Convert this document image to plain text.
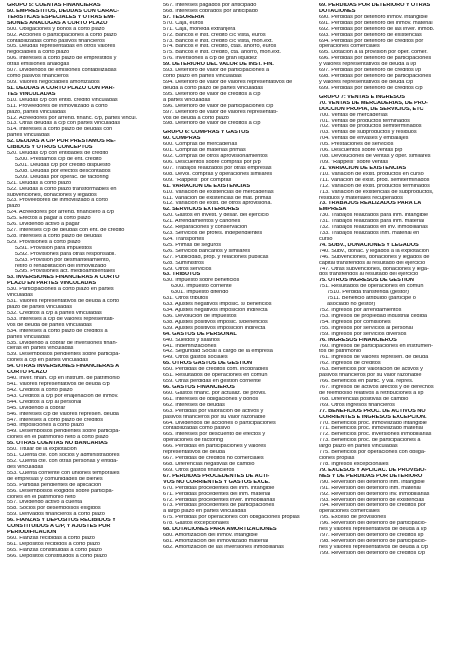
GRUPO 5: CUENTAS FINANCIERAS
50. EMPRÉSTITOS, DEUDAS CON CARAC-
TERÍSTICAS ESPECIALES Y OTRAS EMI-
SIONES ANÁLOGAS A CORTO PLAZO
500. Obligaciones y bonos a corto plazo
502. Acciones o participaciones a corto plazo
contabilizadas como pasivos financieros
505. Deudas representadas en otros valores
negociables a corto plazo
506. Intereses a corto plazo de empréstitos y
otras emisiones análogas
507. Dividendos de emisiones contabilizadas
como pasivos financieros
509. Valores negociables amortizados
51. DEUDAS A CORTO PLAZO CON PAR-
TES VINCULADAS
510. Deudas c/p con entid. crédito vinculadas
511. Proveedores de inmovilizado a corto
plazo, partes vinculadas
512. Acreedores por arrend. financ. c/p, partes vincul.
513. Otras deudas a c/p con partes vinculadas
514. Intereses a corto plazo de deudas con
partes vinculadas
52. DEUDAS A C/P POR PRÉSTAMOS RE-
CIBIDOS Y OTROS CONCEPTOS
520. Deudas c/p con entidades de crédito
5200. Préstamos c/p de ent. crédito
5201. Deudas c/p por crédito dispuesto
5208. Deudas por efectos descontados
5209. Deudas por operac. de factoring
521. Deudas a corto plazo
522. Deudas a corto plazo transformables en
subvenciones, donaciones y legados
523. Proveedores de inmovilizado a corto
plazo
524. Acreedores por arrend. financiero a c/p
525. Efectos a pagar a corto plazo
526. Dividendo activo a pagar
527. Intereses c/p de deudas con ent. de crédito
528. Intereses a corto plazo de deudas
529. Provisiones a corto plazo
5291. Provisión para impuestos
5292. Provisiones para otras responsabil.
5293. Provisión por desmantelamiento,
retiro o rehabilitación del inmovilizado
5295. Provisiones act. medioambientales
53. INVERSIONES FINANCIERAS A CORTO
PLAZO EN PARTES VINCULADAS
530. Participaciones a corto plazo en partes
vinculadas
531. Valores representativos de deuda a corto
plazo de partes vinculadas
532. Créditos a c/p a partes vinculadas
533. Intereses a c/p de valores representati-
vos de deuda de partes vinculadas
534. Intereses a corto plazo de créditos a
partes vinculadas
535. Dividendo a cobrar de inversiones finan-
cieras en partes vinculadas
539. Desembolsos pendientes sobre participa-
ciones a c/p en partes vinculadas
54. OTRAS INVERSIONES FINANCIERAS A
CORTO PLAZO
540. Inver. finan. c/p en instrum. de patrimonio
541. Valores representativos de deuda c/p
542. Créditos a corto plazo
543. Créditos a c/p por enajenación de inmov.
544. Créditos a c/p al personal
545. Dividendo a cobrar
546. Intereses c/p de valores represen. deuda
547. Intereses a corto plazo de créditos
548. Imposiciones a corto plazo
549. Desembolsos pendientes sobre participa-
ciones en el patrimonio neto a corto plazo
55. OTRAS CUENTAS NO BANCARIAS
550. Titular de la explotación
551. Cuenta cte. con socios y administradores
552. Cuenta cte. con otras personas y entida-
des vinculadas
553. Cuenta corriente con uniones temporales
de empresas y comunidades de bienes
555. Partidas pendientes de aplicación
556. Desembolsos exigidos sobre participa-
ciones en el patrimonio neto
557. Dividendo activo a cuenta
558. Socios por desembolsos exigidos
559. Derivados financieros a corto plazo
56. FIANZAS Y DEPÓSITOS RECIBIDOS Y
CONSTITUIDOS A C/P, Y AJUSTES POR
PERIODIFICACIÓN
560. Fianzas recibidas a corto plazo
561. Depósitos recibidos a corto plazo
565. Fianzas constituidas a corto plazo
566. Depósitos constituidos a corto plazo
567. Intereses pagados por anticipado
568. Intereses cobrados por anticipado
57. TESORERÍA
570. Caja, euros
571. Caja, moneda extranjera
572. Bancos e inst. crédito c/c vista, euros
573. Bancos e inst. crédito c/c vista, mon.ext.
574. Bancos e inst. crédito, ctas. ahorro, euros
575. Bancos e inst. crédito, cta. ahorro, mon.ext.
576. Inversiones a c/p de gran liquidez
59. DETERIORO DEL VALOR DE INST. FIN.
593. Deterioro de valor de participaciones a
corto plazo en partes vinculadas
594. Deterioro de valor de valores representativos de
deuda a corto plazo de partes vinculadas
595. Deterioro de valor de créditos a c/p
a partes vinculadas
596. Deterioro de valor de participaciones c/p
597. Deterioro de valor de valores representati-
vos de deuda a corto plazo
598. Deterioro de valor de créditos a c/p
GRUPO 6: COMPRAS Y GASTOS
60. COMPRAS
600. Compras de mercaderías
601. Compras de materias primas
602. Compras de otros aprovisionamientos
606. Descuentos sobre compras por p/p
607. Trabajos realizados por otras empresas
608. Devol. compras y operaciones similares
609. "Rappels" por compras
61. VARIACIÓN DE EXISTENCIAS
610. Variación de existencias de mercaderías
611. Variación de existencias de mat. primas
612. Variación de exist. de otros aprovisiona.
62. SERVICIOS EXTERIORES
620. Gastos en invest. y desar. del ejercicio
621. Arrendamientos y cánones
622. Reparaciones y conservación
623. Servicios de profes. independientes
624. Transportes
625. Primas de seguros
626. Servicios bancarios y similares
627. Publicidad, prop. y relaciones públicas
628. Suministros
629. Otros servicios
63. TRIBUTOS
630. Impuesto sobre beneficios
6300. Impuesto corriente
6301. Impuesto diferido
631. Otros tributos
633. Ajustes negativos imposic. s/ beneficios
634. Ajustes negativos imposición indirecta
636. Devolución de impuestos
638. Ajustes positivos imposic. s/beneficios
639. Ajustes positivos imposición indirecta
64. GASTOS DE PERSONAL
640. Sueldos y salarios
641. Indemnizaciones
642. Seguridad Social a cargo de la empresa
649. Otros gastos sociales
65. OTROS GASTOS DE GESTIÓN
650. Pérdidas de créditos com. incobrables
651. Resultados de operaciones en común
659. Otras pérdidas en gestión corriente
66. GASTOS FINANCIEROS
660. Gastos financ. por actualiz. de provis.
661. Intereses de obligaciones y bonos
662. Intereses de deudas
663. Pérdidas por valoración de activos y
pasivos financieros por su valor razonable
664. Dividendos de acciones o participaciones
contabilizadas como pasivo
665. Intereses por descuento de efectos y
operaciones de factoring
666. Pérdidas en participaciones y valores
representativos de deuda
667. Pérdidas de créditos no comerciales
668. Diferencias negativas de cambio
669. Otros gastos financieros
67. PÉRDIDAS PROCEDENTES DE ACTI-
VOS NO CORRIENTES Y GASTOS EXCE.
670. Pérdidas procedentes del inm. intangible
671. Pérdidas procedentes del inm. material
672. Pérdidas procedentes inver. inmobiliarias
673. Pérdidas procedentes de participaciones
a largo plazo en partes vinculadas
675. Pérdidas por operaciones con obligaciones propias
678. Gastos excepcionales
68. DOTACIONES PARA AMORTIZACIONES
680. Amortización del inmov. intangible
681. Amortización del inmovilizado material
682. Amortización de las inversiones inmobiliarias
69. PÉRDIDAS POR DETERIORO Y OTRAS
DOTACIONES
690. Pérdidas por deterioro inmov. intangible
691. Pérdidas por deterioro del inmov. material
692. Pérdidas por deterioro de las inver. inmob.
693. Pérdidas por deterioro de existencias
694. Pérdidas por deterioro de créditos por
operaciones comerciales
695. Dotación a la provisión por oper. comer.
696. Pérdidas por deterioro de participaciones
y valores representativos de deuda a l/p
697. Pérdidas por deterioro de créditos l/p
698. Pérdidas por deterioro de participaciones
y valores representativos de deuda c/p
699. Pérdidas por deterioro de créditos c/p
GRUPO 7: VENTAS E INGRESOS
70. VENTAS DE MERCADERÍAS, DE PRO-
DUCCIÓN PROPIA, DE SERVICIOS, ETC
700. Ventas de mercaderías
701. Ventas de productos terminados
702. Ventas de productos semiterminados
703. Ventas de subproductos y residuos
704. Ventas de envases y embalajes
705. Prestaciones de servicios
706. Descuentos sobre ventas p/p
708. Devoluciones de ventas y oper. similares
709. "Rappels" sobre ventas
71. VARIACIÓN DE EXISTENCIAS
710. Variación de exist. productos en curso
711. Variación de exist. prod. semiterminados
712. Variación de exist. productos terminados
713. Variación de existencias de subproductos,
residuos y materiales recuperados
73. TRABAJOS REALIZADOS PARA LA
EMPRESA
730. Trabajos realizados para inm. intangible
731. Trabajos realizados para inm. material
732. Trabajos realizados en inv. inmobiliarias
733. Trabajos realizados inm. material en
curso
74. SUBV., DONACIONES Y LEGADOS
740. Subv., donac. y legados a la explotación
746. Subvenciones, donaciones y legados de
capital transferidos al resultado del ejercicio
747. Otras subvenciones, donaciones y lega-
dos transferidos al resultado del ejercicio
75. OTROS INGRESOS DE GESTIÓN
751. Resultados de operaciones en común
7510. Pérdida transferida (gestor)
7511. Beneficio atribuido (partícipe o
asociado no gestor)
752. Ingresos por arrendamientos
753. Ingresos de propiedad industrial cedida
754. Ingresos por comisiones
755. Ingresos por servicios al personal
759. Ingresos por servicios diversos
76. INGRESOS FINANCIEROS
760. Ingresos de participaciones en instrumen-
tos de patrimonio
761. Ingresos de valores represen. de deuda
762. Ingresos de créditos
763. Beneficios por valoración de activos y
pasivos financieros por su valor razonable
766. Beneficios en partic. y val. repres.
767. Ingresos de activos afectos y de derechos
de reembolso relativos a retribuciones a l/p
768. Diferencias positivas de cambio
769. Otros ingresos financieros
77. BENEFICIOS PROC. DE ACTIVOS NO
CORRIENTES E INGRESOS EXCEPCION.
770. Beneficios proc. inmovilizado intangible
771. Beneficios proc. inmovilizado material
772. Beneficios proc. inversiones inmobiliarias
773. Beneficios proc. de participaciones a
largo plazo en partes vinculadas
775. Beneficios por operaciones con obliga-
ciones propias
778. Ingresos excepcionales
79. EXCESOS Y APLICAC. DE PROVISIO-
NES Y DE PÉRDIDAS POR DETERIORO
790. Reversión del deterioro inm. intangible
791. Reversión del deterioro inm. material
792. Reversión del deterioro inv. inmobiliarias
793. Reversión del deterioro de existencias
794. Reversión del deterioro de créditos por
operaciones comerciales
795. Exceso de provisiones
796. Reversión del deterioro de participacio-
nes y valores representativos de deuda a l/p
797. Reversión del deterioro de créditos l/p
798. Reversión del deterioro de participacio-
nes y valores representativos de deuda a c/p
799. Reversión del deterioro de créditos c/p
